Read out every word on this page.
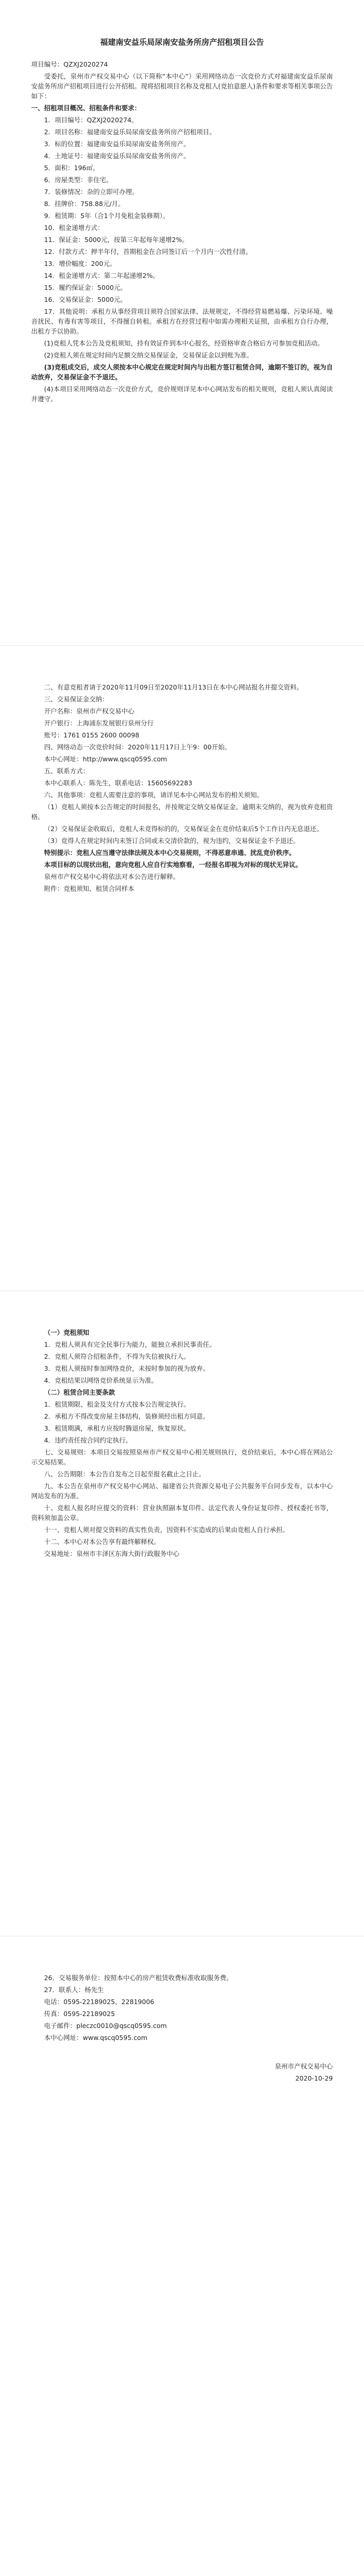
福建南安益乐局尿南安盐务所房产招租项目公告

项目编号：QZXJ2020274

受委托，泉州市产权交易中心（以下简称“本中心”）采用网络动态一次竞价方式对福建南安益乐尿南安盐务所房产招租项目进行公开招租。现将招租项目名称及竞租人(竞拍意愿人)条件和要求等相关事项公告如下：

一、招租项目概况、招租条件和要求：

1．项目编号：QZXJ2020274。

2．项目名称：福建南安益乐局尿南安盐务所房产招租项目。

3．标的位置：福建南安益乐局尿南安盐务所房产。

4．土地证号：福建南安益乐局尿南安盐务所房产。

5．面积：196㎡。

6．房屋类型：非住宅。

7．装修情况：杂的立即可办理。

8．挂牌价：758.88元/月。

9．租赁期：5年（合1个月免租金装修期）。

10．租金递增方式：

11．保证金：5000元，按第三年起每年递增2%。

12．付款方式：押半年付，首期租金在合同签订后一个月内一次性付清。

13．增价幅度：200元。

14．租金递增方式：第二年起递增2%。

15．履约保证金：5000元。

16．交易保证金：5000元。

17．其他说明：承租方从事经营项目须符合国家法律、法规规定，不得经营易燃易爆、污染环境、噪音扰民、有毒有害等项目，不得擅自转租。承租方在经营过程中如需办理相关证照，由承租方自行办理，出租方予以协助。

(1)竞租人凭本公告及竞租须知，持有效证件到本中心报名，经资格审查合格后方可参加竞租活动。

(2)竞租人须在规定时间内足额交纳交易保证金，交易保证金以到账为准。

(3)竞租成交后，成交人须按本中心规定在规定时间内与出租方签订租赁合同，逾期不签订的，视为自动放弃，交易保证金不予退还。

(4)本项目采用网络动态一次竞价方式，竞价规则详见本中心网站发布的相关规则，竞租人须认真阅读并遵守。

二、有意竞租者请于2020年11月09日至2020年11月13日在本中心网站报名并提交资料。

三、交易保证金交纳：

开户名称：泉州市产权交易中心

开户银行：上海浦东发展银行泉州分行

账号：1761 0155 2600 00098

四、网络动态一次竞价时间：2020年11月17日上午9：00开始。

本中心网址：http://www.qscq0595.com

五、联系方式：

本中心联系人：陈先生，联系电话：15605692283

六、其他事项：竞租人需要注意的事项，请详见本中心网站发布的相关须知。

（1）竞租人须按本公告规定的时间报名，并按规定交纳交易保证金。逾期未交纳的，视为放弃竞租资格。

（2）交易保证金收取后，竞租人未竞得标的的，交易保证金在竞价结束后5个工作日内无息退还。

（3）竞得人在规定时间内未签订合同或未交清价款的，视为违约，交易保证金不予退还。

特别提示：竞租人应当遵守法律法规及本中心交易规则，不得恶意串通、扰乱竞价秩序。

本项目标的以现状出租，意向竞租人应自行实地察看，一经报名即视为对标的现状无异议。

泉州市产权交易中心将依法对本公告进行解释。

附件：竞租须知、租赁合同样本

（一）竞租须知

1．竞租人须具有完全民事行为能力，能独立承担民事责任。

2．竞租人须符合招租条件，不得为失信被执行人。

3．竞租人须按时参加网络竞价，未按时参加的视为放弃。

4．竞租结果以网络竞价系统显示为准。

（二）租赁合同主要条款

1．租赁期限、租金及支付方式按本公告规定执行。

2．承租方不得改变房屋主体结构，装修须经出租方同意。

3．租赁期满，承租方应按时腾退房屋，恢复原状。

4．违约责任按合同约定执行。

七、交易规则：本项目交易按照泉州市产权交易中心相关规则执行，竞价结束后，本中心将在网站公示交易结果。

八、公告期限：本公告自发布之日起至报名截止之日止。

九、本公告在泉州市产权交易中心网站、福建省公共资源交易电子公共服务平台同步发布，以本中心网站发布的为准。

十、竞租人报名时应提交的资料：营业执照副本复印件、法定代表人身份证复印件、授权委托书等，资料须加盖公章。

十一、竞租人须对提交资料的真实性负责，因资料不实造成的后果由竞租人自行承担。

十二、本中心对本公告享有最终解释权。

交易地址：泉州市丰泽区东海大街行政服务中心

26．交易服务单位：按照本中心的房产租赁收费标准收取服务费。

27．联系人：杨先生

电话：0595-22189025、22819006

传真：0595-22189025

电子邮件：pleczc0010@qscq0595.com

本中心网址：www.qscq0595.com

泉州市产权交易中心

2020-10-29
